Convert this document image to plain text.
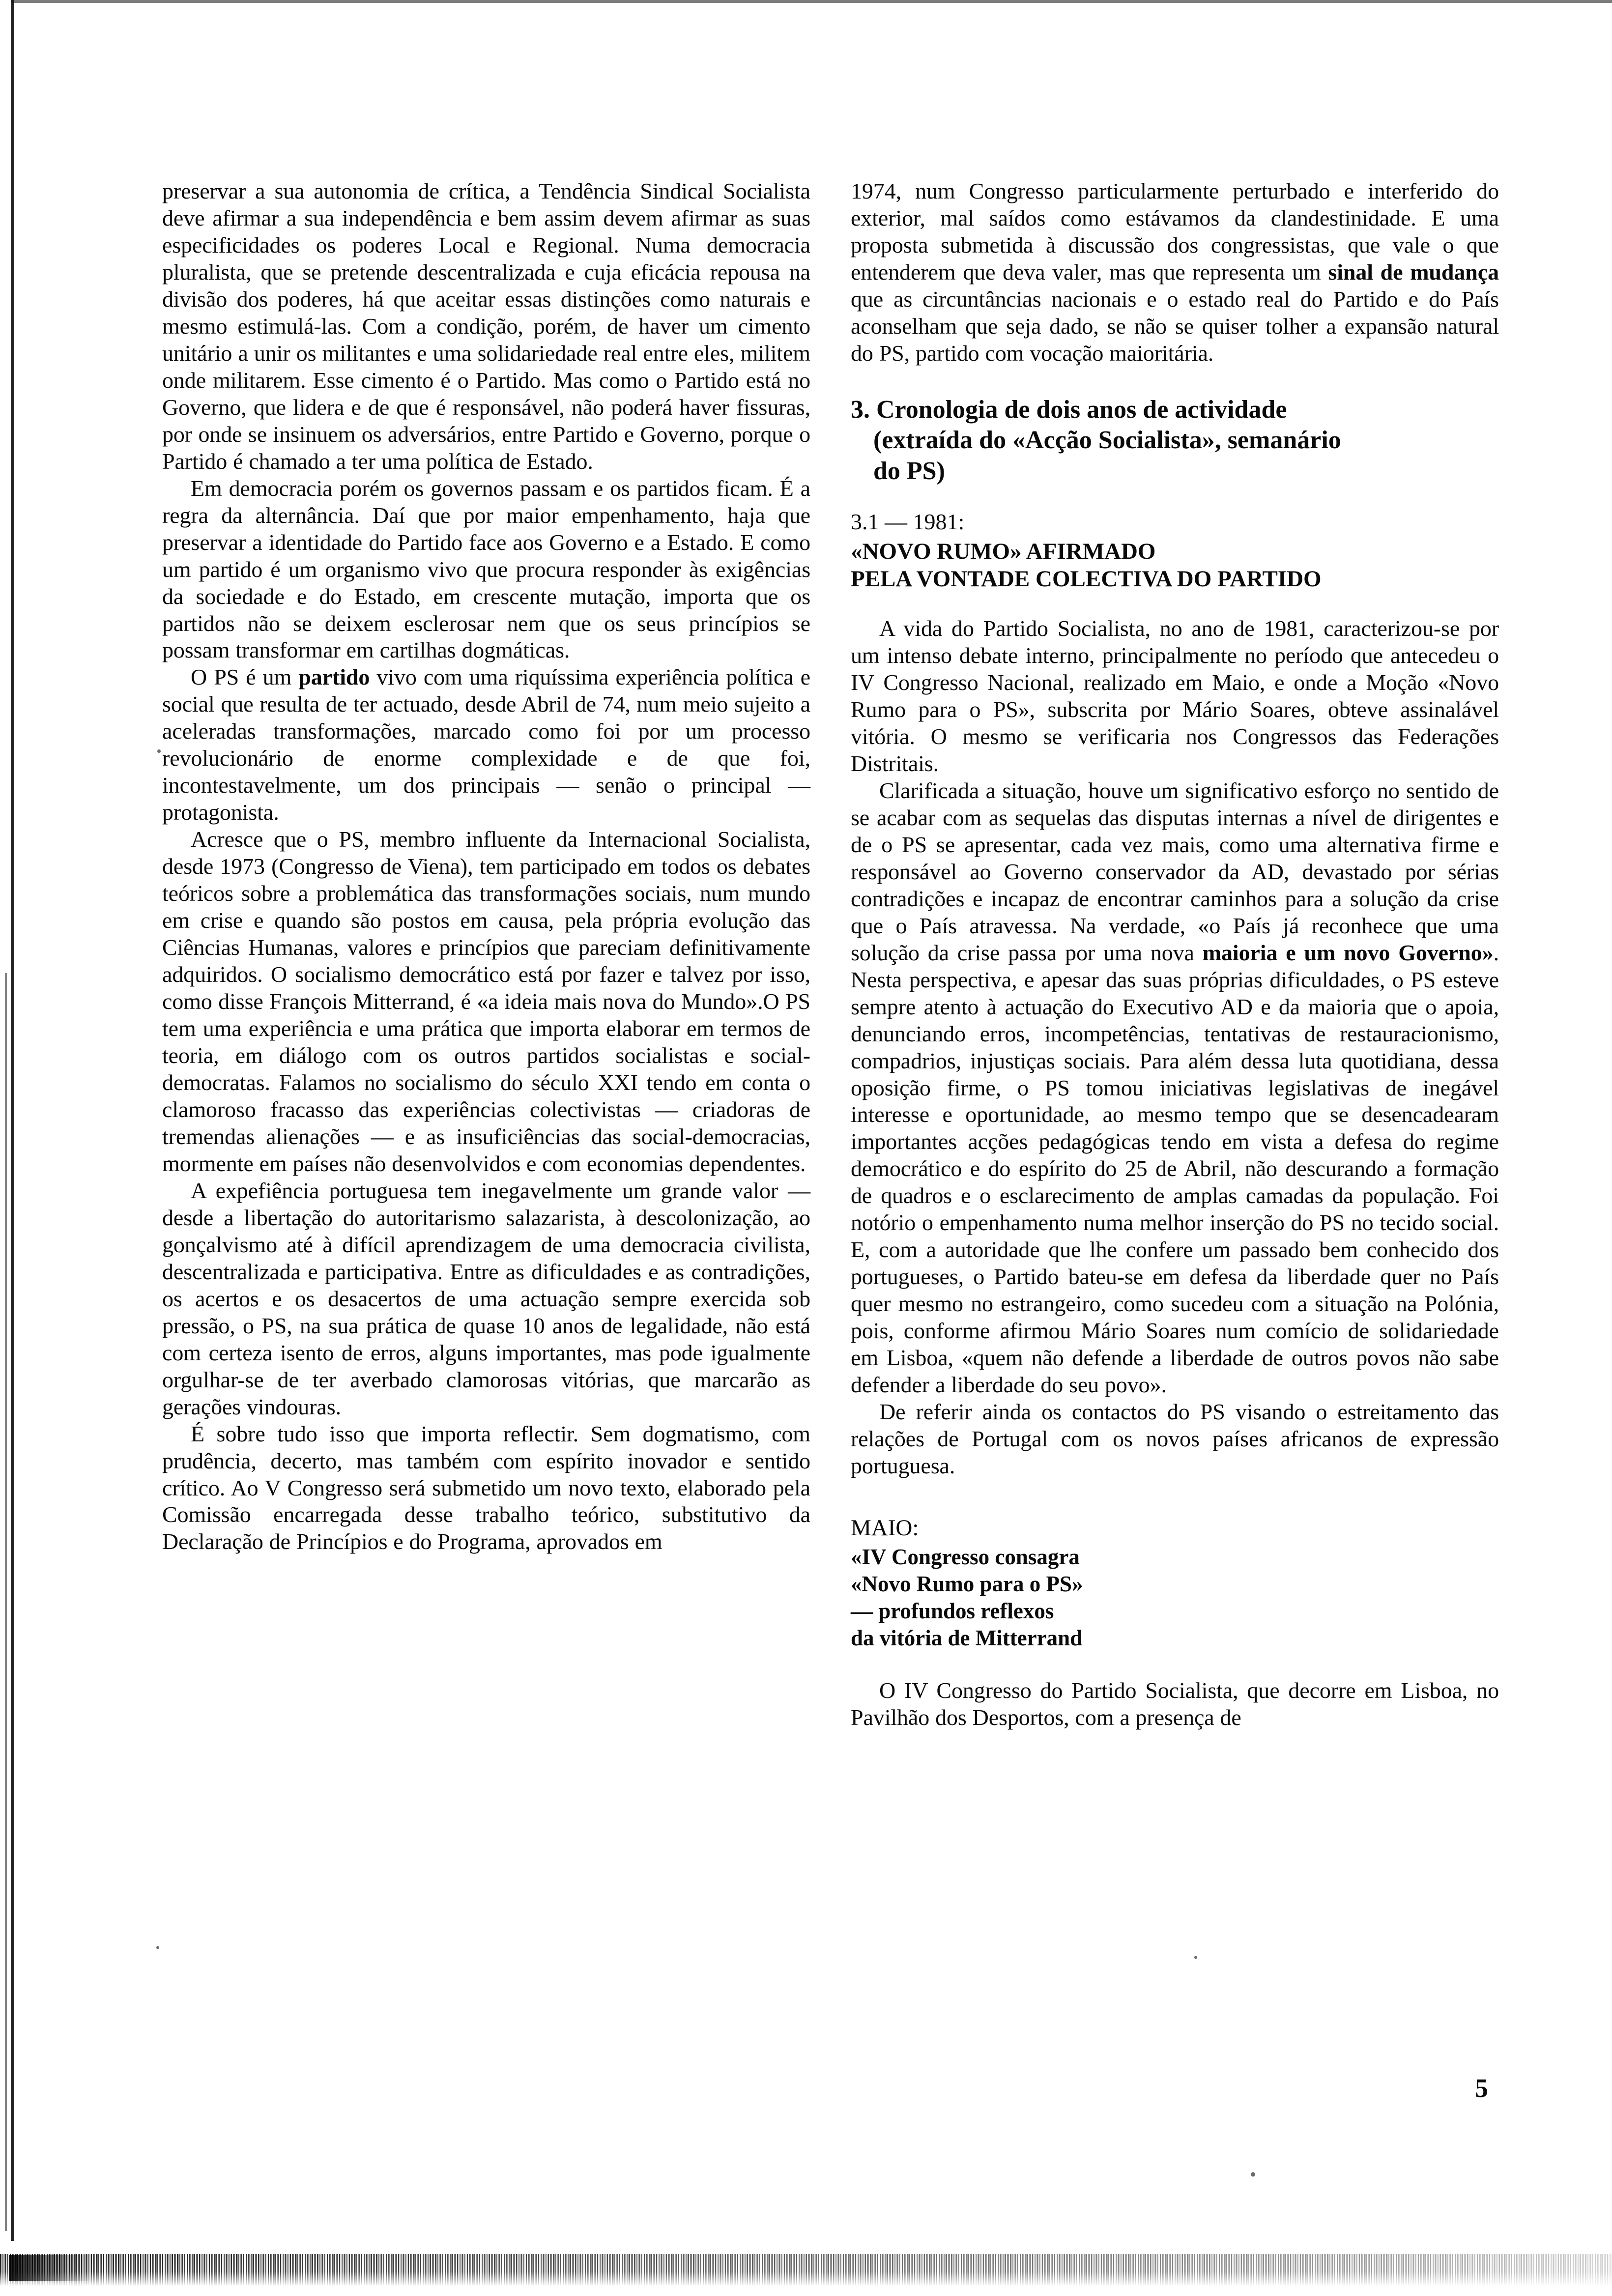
preservar a sua autonomia de crítica, a Tendência Sindical Socialista deve afirmar a sua independência e bem assim devem afirmar as suas especificidades os poderes Local e Regional. Numa democracia pluralista, que se pretende descentralizada e cuja eficácia repousa na divisão dos poderes, há que aceitar essas distinções como naturais e mesmo estimulá-las. Com a condição, porém, de haver um cimento unitário a unir os militantes e uma solidariedade real entre eles, militem onde militarem. Esse cimento é o Partido. Mas como o Partido está no Governo, que lidera e de que é responsável, não poderá haver fissuras, por onde se insinuem os adversários, entre Partido e Governo, porque o Partido é chamado a ter uma política de Estado.

Em democracia porém os governos passam e os partidos ficam. É a regra da alternância. Daí que por maior empenhamento, haja que preservar a identidade do Partido face aos Governo e a Estado. E como um partido é um organismo vivo que procura responder às exigências da sociedade e do Estado, em crescente mutação, importa que os partidos não se deixem esclerosar nem que os seus princípios se possam transformar em cartilhas dogmáticas.

O PS é um partido vivo com uma riquíssima experiência política e social que resulta de ter actuado, desde Abril de 74, num meio sujeito a aceleradas transformações, marcado como foi por um processo revolucionário de enorme complexidade e de que foi, incontestavelmente, um dos principais — senão o principal — protagonista.

Acresce que o PS, membro influente da Internacional Socialista, desde 1973 (Congresso de Viena), tem participado em todos os debates teóricos sobre a problemática das transformações sociais, num mundo em crise e quando são postos em causa, pela própria evolução das Ciências Humanas, valores e princípios que pareciam definitivamente adquiridos. O socialismo democrático está por fazer e talvez por isso, como disse François Mitterrand, é «a ideia mais nova do Mundo».O PS tem uma experiência e uma prática que importa elaborar em termos de teoria, em diálogo com os outros partidos socialistas e social-democratas. Falamos no socialismo do século XXI tendo em conta o clamoroso fracasso das experiências colectivistas — criadoras de tremendas alienações — e as insuficiências das social-democracias, mormente em países não desenvolvidos e com economias dependentes.

A expefiência portuguesa tem inegavelmente um grande valor — desde a libertação do autoritarismo salazarista, à descolonização, ao gonçalvismo até à difícil aprendizagem de uma democracia civilista, descentralizada e participativa. Entre as dificuldades e as contradições, os acertos e os desacertos de uma actuação sempre exercida sob pressão, o PS, na sua prática de quase 10 anos de legalidade, não está com certeza isento de erros, alguns importantes, mas pode igualmente orgulhar-se de ter averbado clamorosas vitórias, que marcarão as gerações vindouras.

É sobre tudo isso que importa reflectir. Sem dogmatismo, com prudência, decerto, mas também com espírito inovador e sentido crítico. Ao V Congresso será submetido um novo texto, elaborado pela Comissão encarregada desse trabalho teórico, substitutivo da Declaração de Princípios e do Programa, aprovados em

1974, num Congresso particularmente perturbado e interferido do exterior, mal saídos como estávamos da clandestinidade. E uma proposta submetida à discussão dos congressistas, que vale o que entenderem que deva valer, mas que representa um sinal de mudança que as circuntâncias nacionais e o estado real do Partido e do País aconselham que seja dado, se não se quiser tolher a expansão natural do PS, partido com vocação maioritária.

3. Cronologia de dois anos de actividade
(extraída do «Acção Socialista», semanário
do PS)
3.1 — 1981:
«NOVO RUMO» AFIRMADO
PELA VONTADE COLECTIVA DO PARTIDO

A vida do Partido Socialista, no ano de 1981, caracterizou-se por um intenso debate interno, principalmente no período que antecedeu o IV Congresso Nacional, realizado em Maio, e onde a Moção «Novo Rumo para o PS», subscrita por Mário Soares, obteve assinalável vitória. O mesmo se verificaria nos Congressos das Federações Distritais.

Clarificada a situação, houve um significativo esforço no sentido de se acabar com as sequelas das disputas internas a nível de dirigentes e de o PS se apresentar, cada vez mais, como uma alternativa firme e responsável ao Governo conservador da AD, devastado por sérias contradições e incapaz de encontrar caminhos para a solução da crise que o País atravessa. Na verdade, «o País já reconhece que uma solução da crise passa por uma nova maioria e um novo Governo». Nesta perspectiva, e apesar das suas próprias dificuldades, o PS esteve sempre atento à actuação do Executivo AD e da maioria que o apoia, denunciando erros, incompetências, tentativas de restauracionismo, compadrios, injustiças sociais. Para além dessa luta quotidiana, dessa oposição firme, o PS tomou iniciativas legislativas de inegável interesse e oportunidade, ao mesmo tempo que se desencadearam importantes acções pedagógicas tendo em vista a defesa do regime democrático e do espírito do 25 de Abril, não descurando a formação de quadros e o esclarecimento de amplas camadas da população. Foi notório o empenhamento numa melhor inserção do PS no tecido social. E, com a autoridade que lhe confere um passado bem conhecido dos portugueses, o Partido bateu-se em defesa da liberdade quer no País quer mesmo no estrangeiro, como sucedeu com a situação na Polónia, pois, conforme afirmou Mário Soares num comício de solidariedade em Lisboa, «quem não defende a liberdade de outros povos não sabe defender a liberdade do seu povo».

De referir ainda os contactos do PS visando o estreitamento das relações de Portugal com os novos países africanos de expressão portuguesa.

MAIO:
«IV Congresso consagra
«Novo Rumo para o PS»
— profundos reflexos
da vitória de Mitterrand

O IV Congresso do Partido Socialista, que decorre em Lisboa, no Pavilhão dos Desportos, com a presença de

5
